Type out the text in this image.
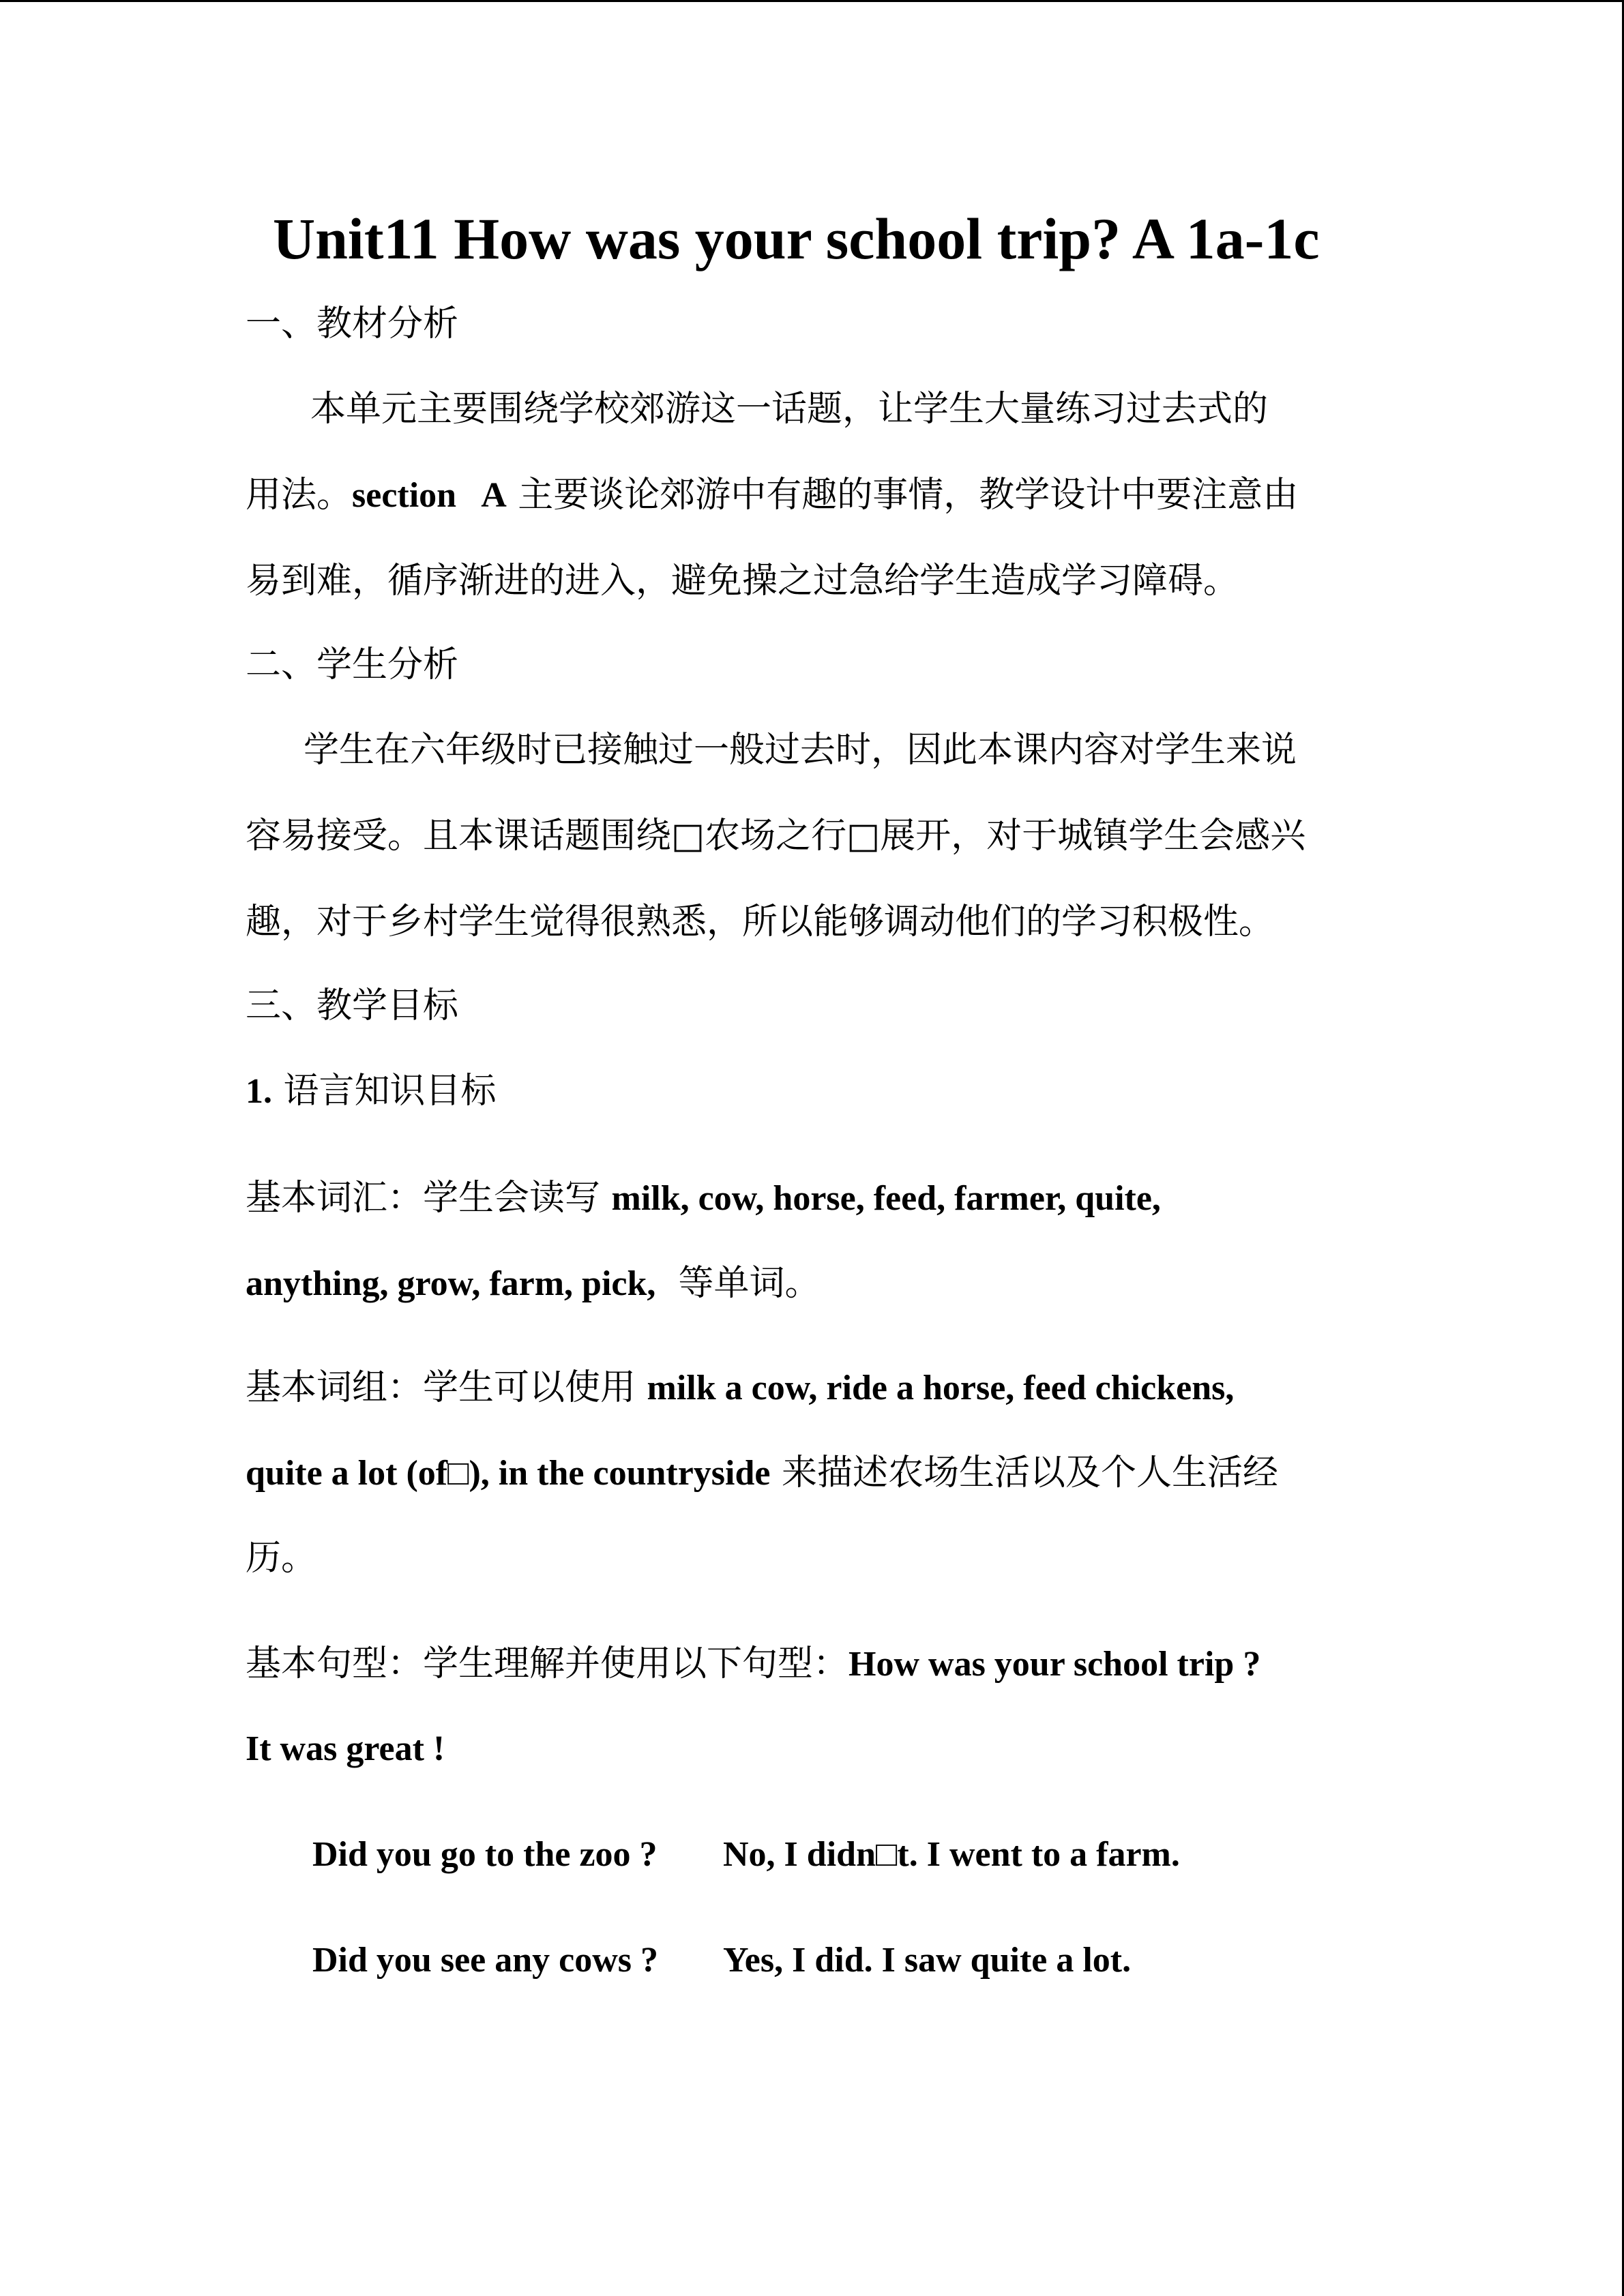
Unit11 How was your school trip? A 1a-1c
一、教材分析
本单元主要围绕学校郊游这一话题，让学生大量练习过去式的
用法。section   A 主要谈论郊游中有趣的事情，教学设计中要注意由
易到难，循序渐进的进入，避免操之过急给学生造成学习障碍。
二、学生分析
学生在六年级时已接触过一般过去时，因此本课内容对学生来说
容易接受。且本课话题围绕□农场之行□展开，对于城镇学生会感兴
趣，对于乡村学生觉得很熟悉，所以能够调动他们的学习积极性。
三、教学目标
1. 语言知识目标
基本词汇：学生会读写 milk, cow, horse, feed, farmer, quite,
anything, grow, farm, pick,  等单词。
基本词组：学生可以使用 milk a cow, ride a horse, feed chickens,
quite a lot (of□), in the countryside 来描述农场生活以及个人生活经
历。
基本句型：学生理解并使用以下句型：How was your school trip ?
It was great !
Did you go to the zoo ? No, I didn□t. I went to a farm.
Did you see any cows ? Yes, I did. I saw quite a lot.
